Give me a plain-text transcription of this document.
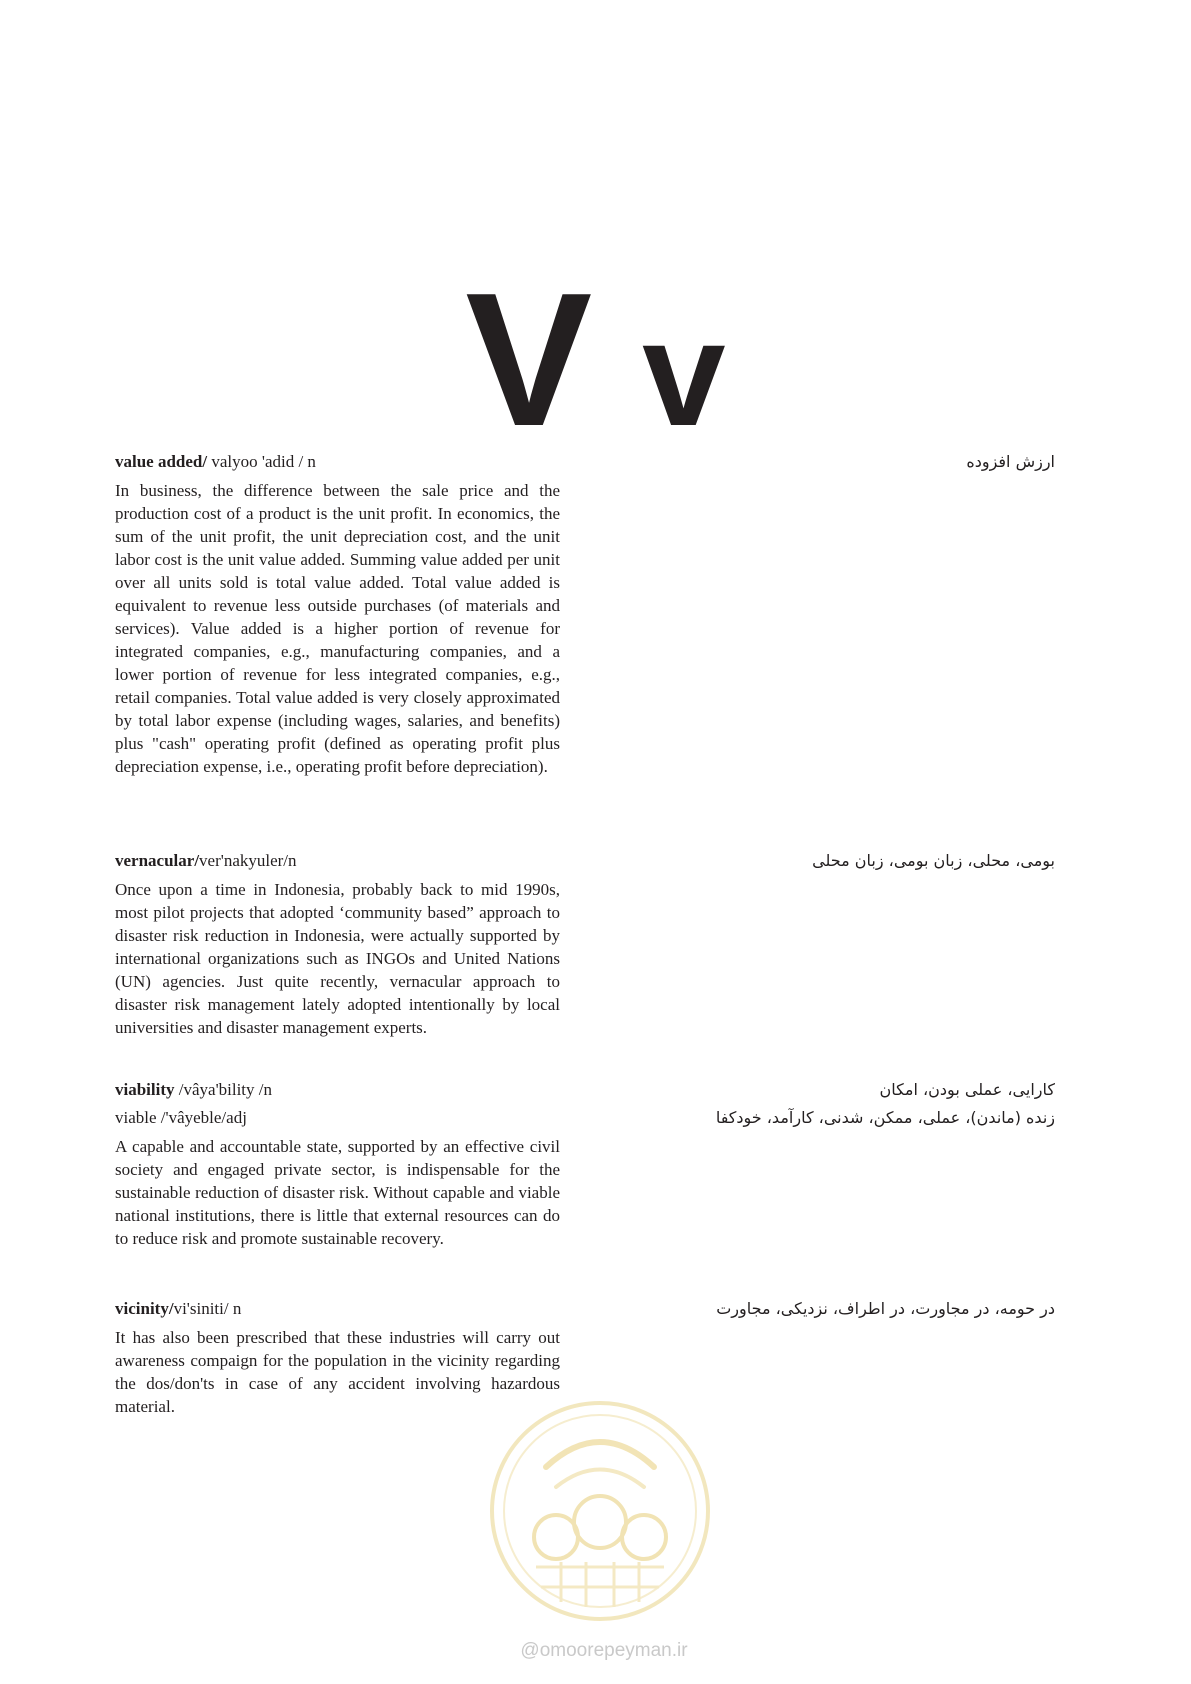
V v

value added/ valyoo 'adid / n

In business, the difference between the sale price and the production cost of a product is the unit profit. In economics, the sum of the unit profit, the unit depreciation cost, and the unit labor cost is the unit value added. Summing value added per unit over all units sold is total value added. Total value added is equivalent to revenue less outside purchases (of materials and services). Value added is a higher portion of revenue for integrated companies, e.g., manufacturing companies, and a lower portion of revenue for less integrated companies, e.g., retail companies. Total value added is very closely approximated by total labor expense (including wages, salaries, and benefits) plus "cash" operating profit (defined as operating profit plus depreciation expense, i.e., operating profit before depreciation).

ارزش افزوده

vernacular/ver'nakyuler/n

Once upon a time in Indonesia, probably back to mid 1990s, most pilot projects that adopted ‘community based” approach to disaster risk reduction in Indonesia, were actually supported by international organizations such as INGOs and United Nations (UN) agencies. Just quite recently, vernacular approach to disaster risk management lately adopted intentionally by local universities and disaster management experts.

بومی، محلی، زبان بومی، زبان محلی

viability /vâya'bility /n

viable /'vâyeble/adj

A capable and accountable state, supported by an effective civil society and engaged private sector, is indispensable for the sustainable reduction of disaster risk. Without capable and viable national institutions, there is little that external resources can do to reduce risk and promote sustainable recovery.

کارایی، عملی بودن، امکان
زنده (ماندن)، عملی، ممکن، شدنی، کارآمد، خودکفا

vicinity/vi'siniti/ n

It has also been prescribed that these industries will carry out awareness compaign for the population in the vicinity regarding the dos/don'ts in case of any accident involving hazardous material.

در حومه، در مجاورت، در اطراف، نزدیکی، مجاورت
@omoorepeyman.ir
